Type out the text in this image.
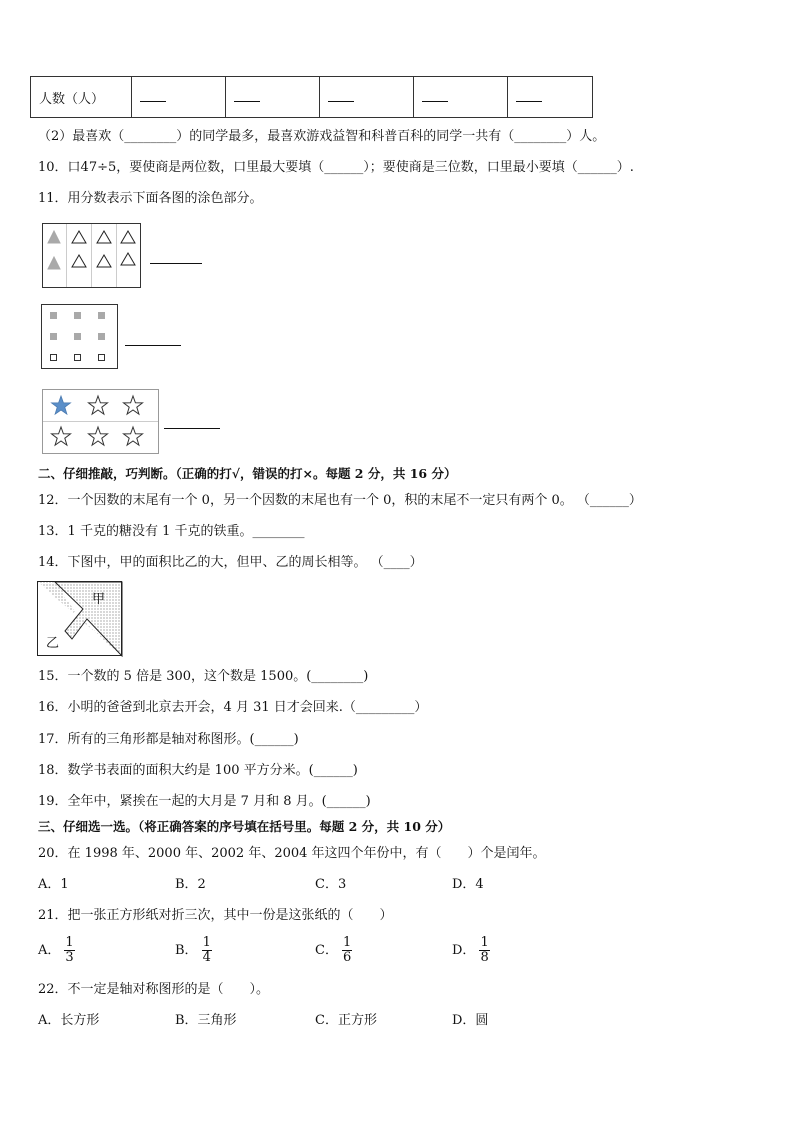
人数（人）					
（2）最喜欢（________）的同学最多，最喜欢游戏益智和科普百科的同学一共有（________）人。
10．口47÷5，要使商是两位数，口里最大要填（______）；要使商是三位数，口里最小要填（______）.
11．用分数表示下面各图的涂色部分。
二、仔细推敲，巧判断。（正确的打√，错误的打×。每题 2 分，共 16 分）
12．一个因数的末尾有一个 0，另一个因数的末尾也有一个 0，积的末尾不一定只有两个 0。 （______）
13．1 千克的糖没有 1 千克的铁重。________
14．下图中，甲的面积比乙的大，但甲、乙的周长相等。 （____）
甲
乙
15．一个数的 5 倍是 300，这个数是 1500。(________)
16．小明的爸爸到北京去开会，4 月 31 日才会回来.（_________）
17．所有的三角形都是轴对称图形。(______)
18．数学书表面的面积大约是 100 平方分米。(______)
19．全年中，紧挨在一起的大月是 7 月和 8 月。(______)
三、仔细选一选。（将正确答案的序号填在括号里。每题 2 分，共 10 分）
20．在 1998 年、2000 年、2002 年、2004 年这四个年份中，有（　　）个是闰年。
A．1	B．2	C．3	D．4
21．把一张正方形纸对折三次，其中一份是这张纸的（　　）
A． $\frac{1}{3}$	B． $\frac{1}{4}$	C． $\frac{1}{6}$	D． $\frac{1}{8}$
22．不一定是轴对称图形的是（　　）。
A．长方形	B．三角形	C．正方形	D．圆
